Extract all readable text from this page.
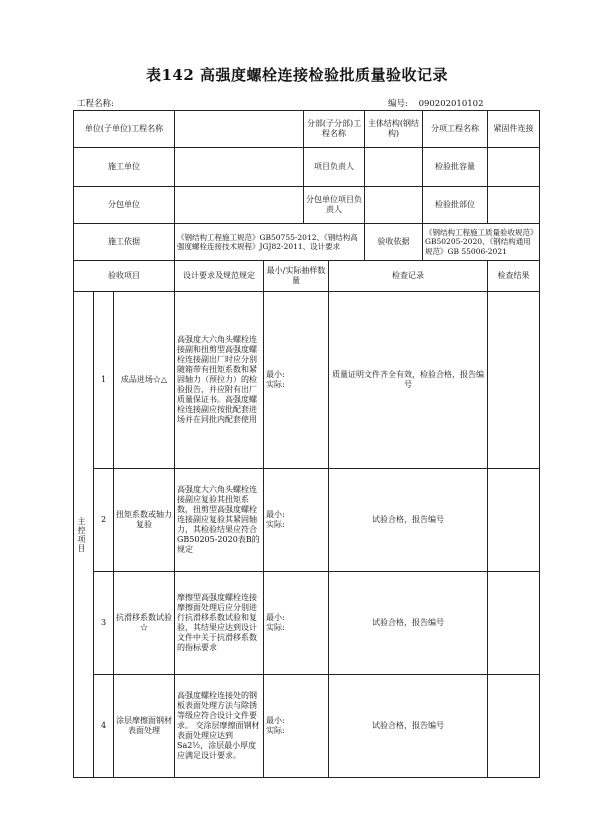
表142 高强度螺栓连接检验批质量验收记录
工程名称:	编号: 090202010102
单位(子单位)工程名称					分部(子分部)工程名称		主体结构(钢结构)	分项工程名称	紧固件连接
施工单位					项目负责人			检验批容量	
分包单位					分包单位项目负责人			检验批部位	
施工依据			《钢结构工程施工规范》GB50755-2012、《钢结构高强度螺栓连接技术规程》JGJ82-2011、设计要求				验收依据	《钢结构工程施工质量验收规范》GB50205-2020、《钢结构通用规范》GB 55006-2021	
验收项目			设计要求及规范规定	最小/实际抽样数量		检查记录			检查结果

主控项目	1	成品进场☆△	高强度大六角头螺栓连接副和扭剪型高强度螺栓连接副出厂时应分别随箱带有扭矩系数和紧固轴力（预拉力）的检验报告，并应附有出厂质量保证书。高强度螺栓连接副应按批配套进场并在同批内配套使用	最小:
实际:		质量证明文件齐全有效，检验合格，报告编号			
	2	扭矩系数或轴力复验	高强度大六角头螺栓连接副应复验其扭矩系数，扭剪型高强度螺栓连接副应复验其紧固轴力，其检验结果应符合GB50205-2020表B的规定	最小:
实际:		试验合格，报告编号			
	3	抗滑移系数试验☆	摩擦型高强度螺栓连接摩擦面处理后应分别进行抗滑移系数试验和复验，其结果应达到设计文件中关于抗滑移系数的指标要求	最小:
实际:		试验合格，报告编号			
	4	涂层摩擦面钢材表面处理	高强度螺栓连接处的钢板表面处理方法与除锈等级应符合设计文件要求。 交涂层摩擦面钢材表面处理应达到Sa2½，涂层最小厚度应满足设计要求。	最小:
实际:		试验合格，报告编号			
